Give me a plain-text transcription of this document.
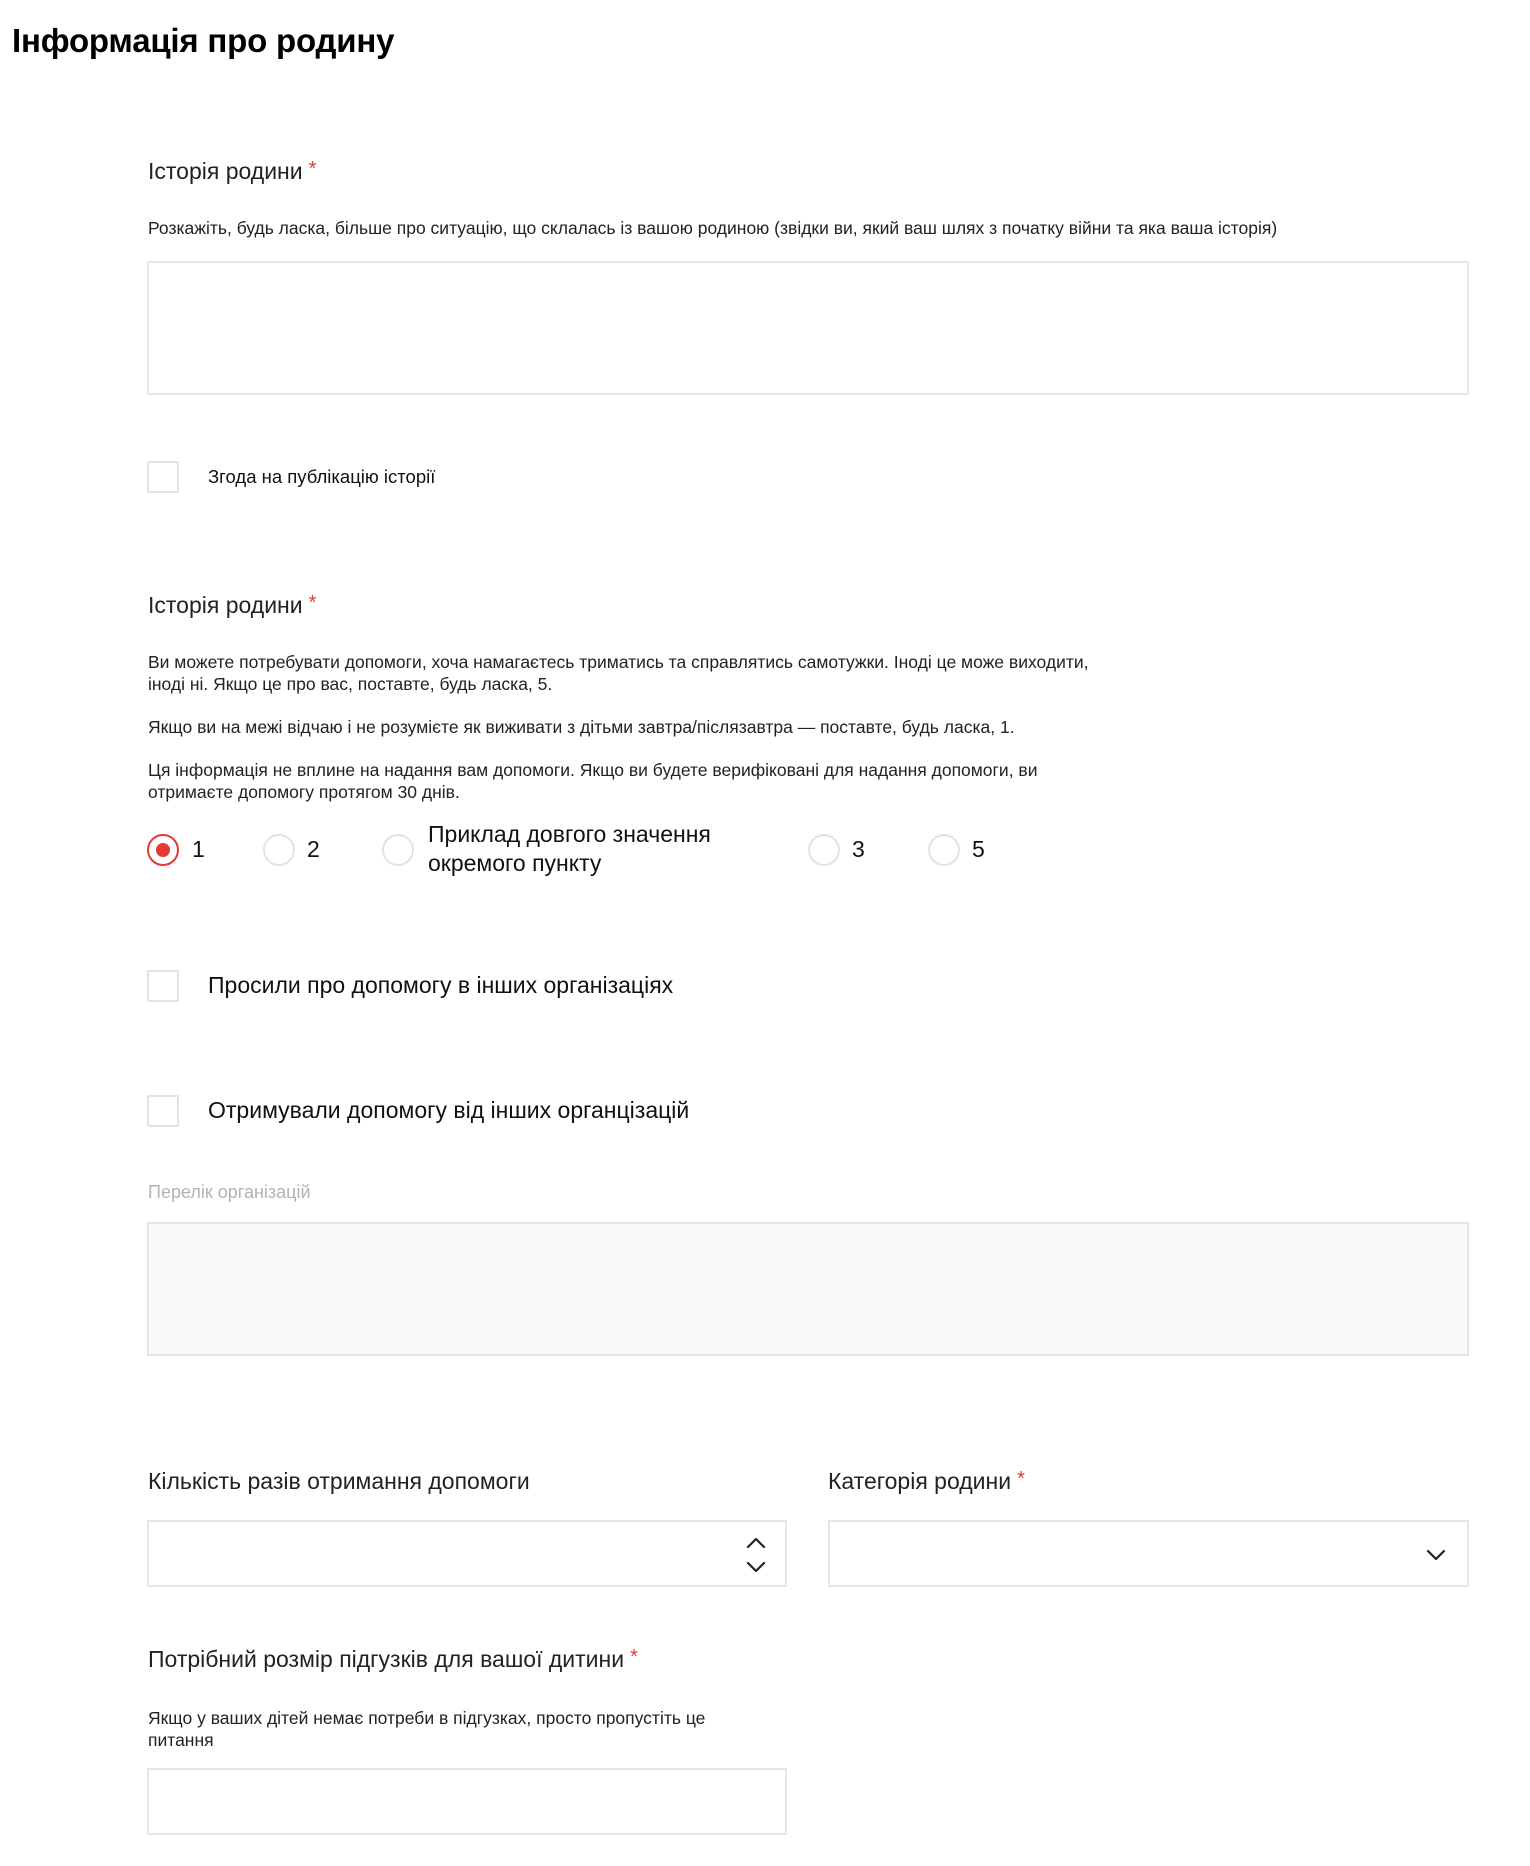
Інформація про родину
Історія родини *
Розкажіть, будь ласка, більше про ситуацію, що склалась із вашою родиною (звідки ви, який ваш шлях з початку війни та яка ваша історія)
Згода на публікацію історії
Історія родини *

Ви можете потребувати допомоги, хоча намагаєтесь триматись та справлятись самотужки. Іноді це може виходити,

іноді ні. Якщо це про вас, поставте, будь ласка, 5.

Якщо ви на межі відчаю і не розумієте як виживати з дітьми завтра/післязавтра — поставте, будь ласка, 1.

Ця інформація не вплине на надання вам допомоги. Якщо ви будете верифіковані для надання допомоги, ви

отримаєте допомогу протягом 30 днів.

1	2
Приклад довгого значення
окремого пункту
3	5
Просили про допомогу в інших організаціях
Отримували допомогу від інших органцізацій
Перелік організацій
Кількість разів отримання допомоги	Категорія родини *
Потрібний розмір підгузків для вашої дитини *

Якщо у ваших дітей немає потреби в підгузках, просто пропустіть це

питання
